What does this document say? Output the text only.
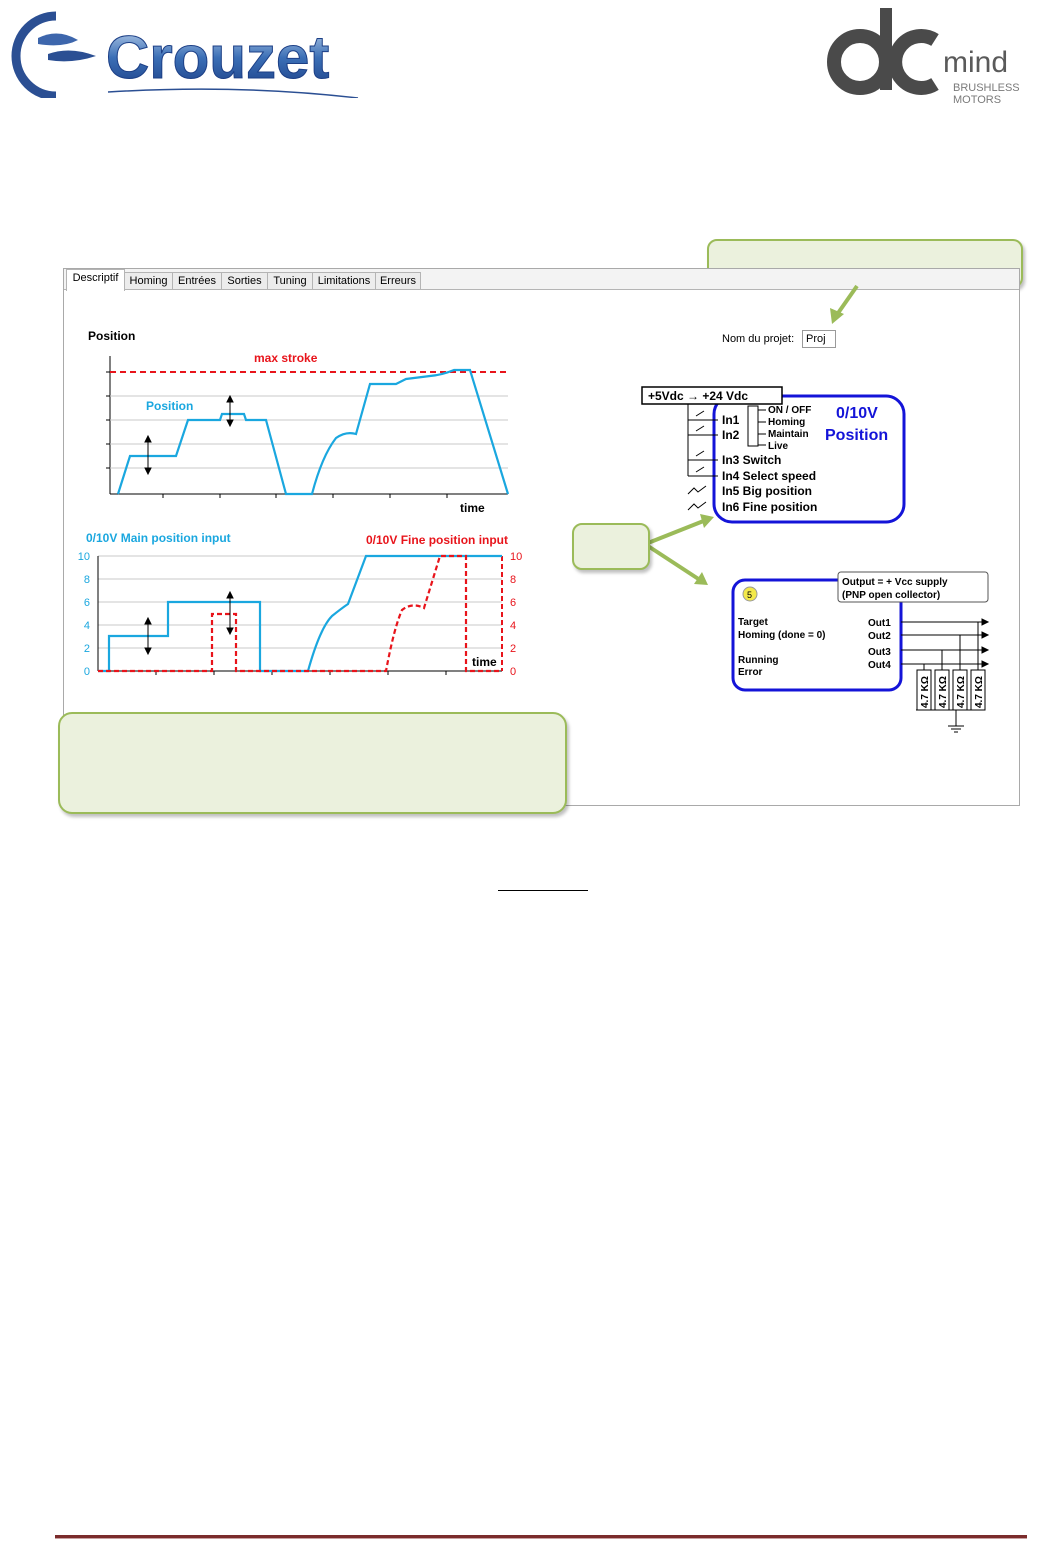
Crouzet	mind
BRUSHLESS
MOTORS
Descriptif	Homing Entrées	Sorties	Tuning	Limitations Erreurs
Nom du projet:	Proj
Position
max stroke
Position
time
0/10V Main position input	0/10V Fine position input
0
2
4
6
8
10
0
2
4
6
8
10
time
+5Vdc → +24 Vdc
0/10V
Position
In1
In2
ON / OFF
Homing
Maintain
Live
In3 Switch
In4 Select speed
In5 Big position
In6 Fine position
Output = + Vcc supply
(PNP open collector)
5
Target
Homing (done = 0)
Running
Error
Out1
Out2
Out3
Out4
4.7 KΩ 4.7 KΩ 4.7 KΩ 4.7 KΩ
